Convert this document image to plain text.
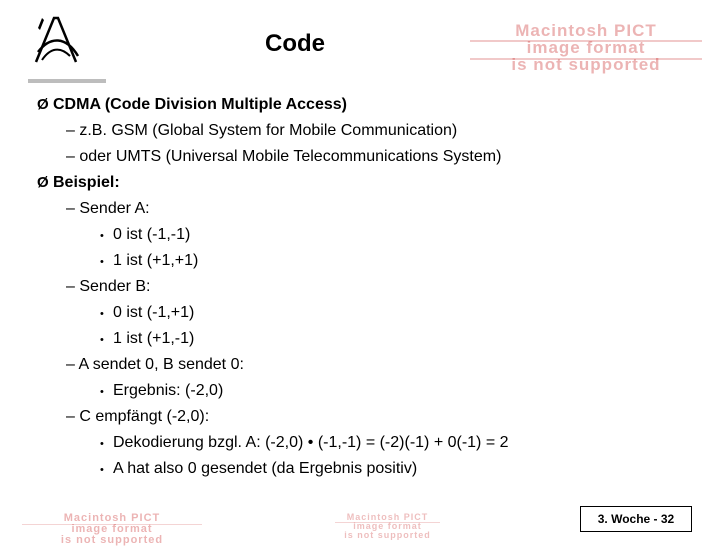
Code	Macintosh PICT
image format
is not supported
Macintosh PICT
image format
is not supported
Macintosh PICT
image format
is not supported
Ø CDMA (Code Division Multiple Access)
– z.B. GSM (Global System for Mobile Communication)
– oder UMTS (Universal Mobile Telecommunications System)
Ø Beispiel:
– Sender A:
• 0 ist (-1,-1)
• 1 ist (+1,+1)
– Sender B:
• 0 ist (-1,+1)
• 1 ist (+1,-1)
– A sendet 0, B sendet 0:
• Ergebnis: (-2,0)
– C empfängt (-2,0):
• Dekodierung bzgl. A: (-2,0) • (-1,-1) = (-2)(-1) + 0(-1) = 2
• A hat also 0 gesendet (da Ergebnis positiv)
3. Woche - 32
